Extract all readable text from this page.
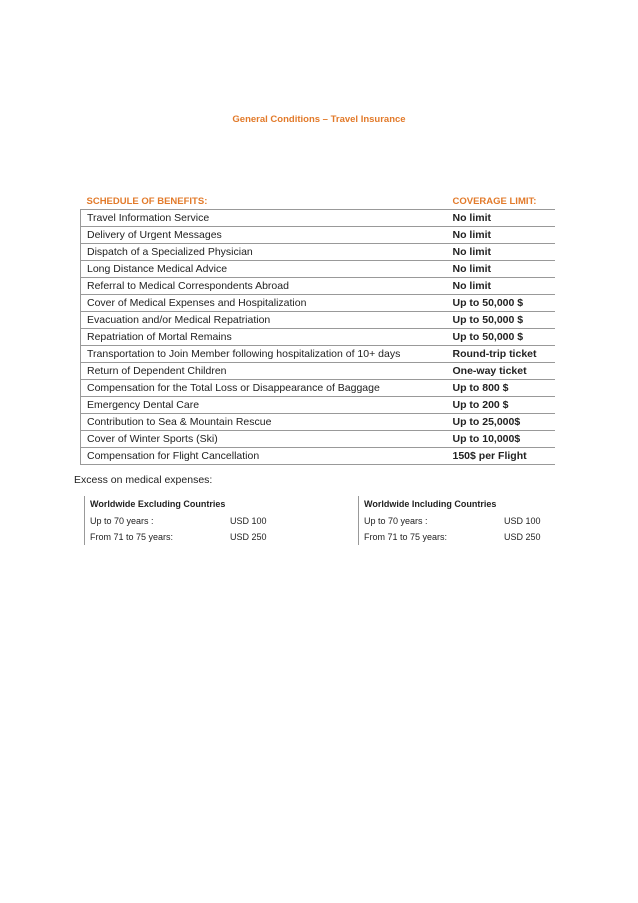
General Conditions – Travel Insurance
SCHEDULE OF BENEFITS:	COVERAGE LIMIT:
Travel Information Service	No limit
Delivery of Urgent Messages	No limit
Dispatch of a Specialized Physician	No limit
Long Distance Medical Advice	No limit
Referral to Medical Correspondents Abroad	No limit
Cover of Medical Expenses and Hospitalization	Up to 50,000 $
Evacuation and/or Medical Repatriation	Up to 50,000 $
Repatriation of Mortal Remains	Up to 50,000 $
Transportation to Join Member following hospitalization of 10+ days	Round-trip ticket
Return of Dependent Children	One-way ticket
Compensation for the Total Loss or Disappearance of Baggage	Up to 800 $
Emergency Dental Care	Up to 200 $
Contribution to Sea & Mountain Rescue	Up to 25,000$
Cover of Winter Sports (Ski)	Up to 10,000$
Compensation for Flight Cancellation	150$ per Flight
Excess on medical expenses:
Worldwide Excluding Countries
Up to 70 years :	USD 100
From 71 to 75 years:	USD 250
Worldwide Including Countries
Up to 70 years :	USD 100
From 71 to 75 years:	USD 250
